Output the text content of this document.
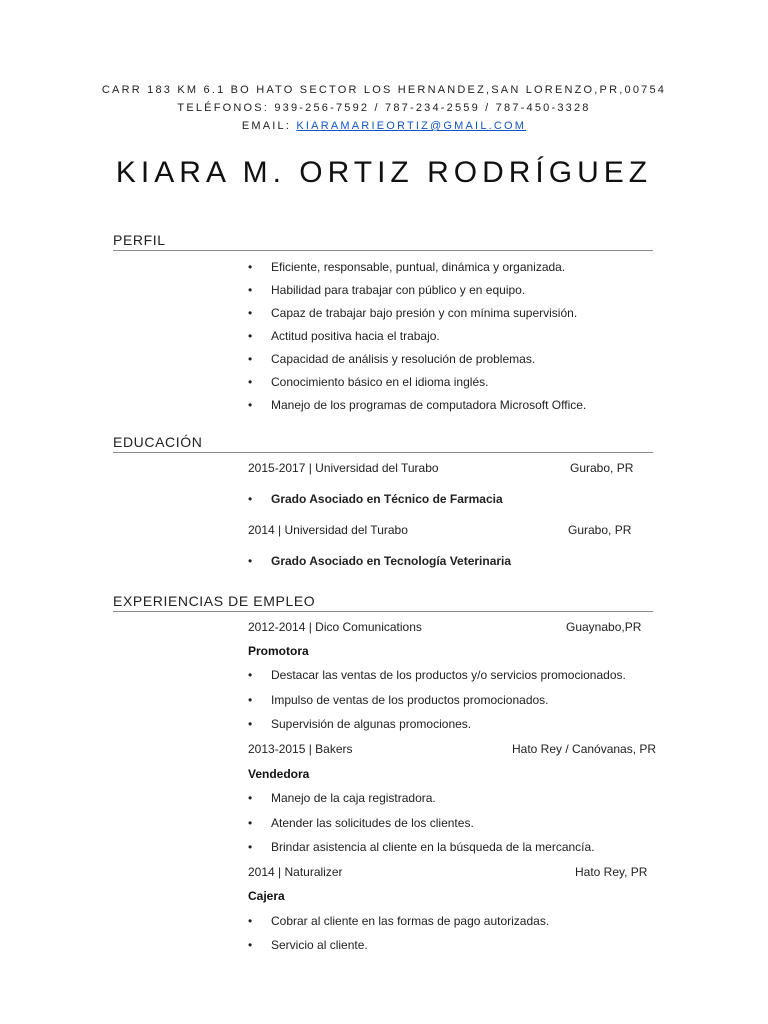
CARR 183 KM 6.1 BO HATO SECTOR LOS HERNANDEZ,SAN LORENZO,PR,00754
TELÉFONOS: 939-256-7592 / 787-234-2559 / 787-450-3328
EMAIL: KIARAMARIEORTIZ@GMAIL.COM
KIARA M. ORTIZ RODRÍGUEZ
PERFIL
• Eficiente, responsable, puntual, dinámica y organizada.
• Habilidad para trabajar con público y en equipo.
• Capaz de trabajar bajo presión y con mínima supervisión.
• Actitud positiva hacia el trabajo.
• Capacidad de análisis y resolución de problemas.
• Conocimiento básico en el idioma inglés.
• Manejo de los programas de computadora Microsoft Office.
EDUCACIÓN
2015-2017 | Universidad del Turabo	Gurabo, PR
• Grado Asociado en Técnico de Farmacia
2014 | Universidad del Turabo	Gurabo, PR
• Grado Asociado en Tecnología Veterinaria
EXPERIENCIAS DE EMPLEO
2012-2014 | Dico Comunications	Guaynabo,PR
Promotora
• Destacar las ventas de los productos y/o servicios promocionados.
• Impulso de ventas de los productos promocionados.
• Supervisión de algunas promociones.
2013-2015 | Bakers	Hato Rey / Canóvanas, PR
Vendedora
• Manejo de la caja registradora.
• Atender las solicitudes de los clientes.
• Brindar asistencia al cliente en la búsqueda de la mercancía.
2014 | Naturalizer	Hato Rey, PR
Cajera
• Cobrar al cliente en las formas de pago autorizadas.
• Servicio al cliente.
